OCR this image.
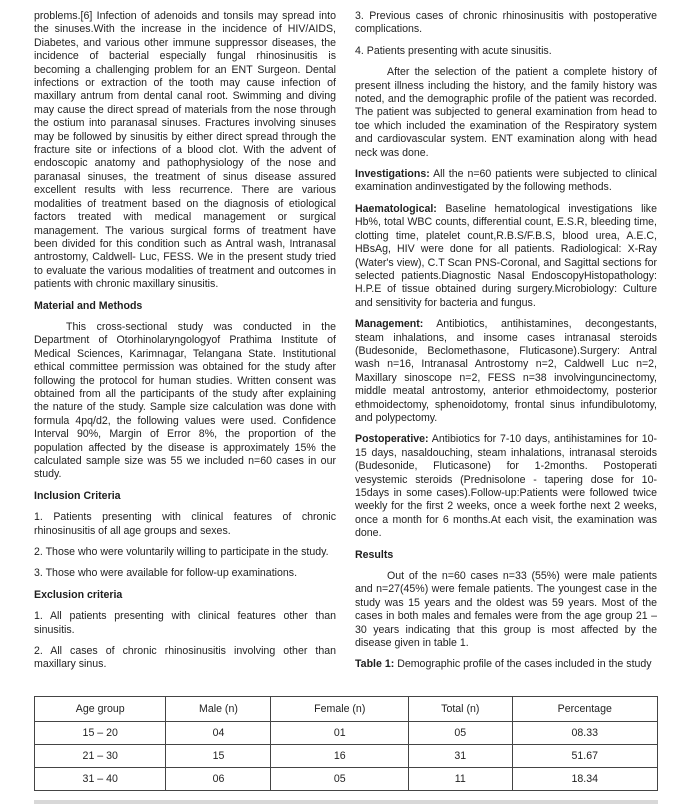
problems.[6] Infection of adenoids and tonsils may spread into the sinuses.With the increase in the incidence of HIV/AIDS, Diabetes, and various other immune suppressor diseases, the incidence of bacterial especially fungal rhinosinusitis is becoming a challenging problem for an ENT Surgeon. Dental infections or extraction of the tooth may cause infection of maxillary antrum from dental canal root. Swimming and diving may cause the direct spread of materials from the nose through the ostium into paranasal sinuses. Fractures involving sinuses may be followed by sinusitis by either direct spread through the fracture site or infections of a blood clot. With the advent of endoscopic anatomy and pathophysiology of the nose and paranasal sinuses, the treatment of sinus disease assured excellent results with less recurrence. There are various modalities of treatment based on the diagnosis of etiological factors treated with medical management or surgical management. The various surgical forms of treatment have been divided for this condition such as Antral wash, Intranasal antrostomy, Caldwell- Luc, FESS. We in the present study tried to evaluate the various modalities of treatment and outcomes in patients with chronic maxillary sinusitis.

Material and Methods

This cross-sectional study was conducted in the Department of Otorhinolaryngologyof Prathima Institute of Medical Sciences, Karimnagar, Telangana State. Institutional ethical committee permission was obtained for the study after following the protocol for human studies. Written consent was obtained from all the participants of the study after explaining the nature of the study. Sample size calculation was done with formula 4pq/d2, the following values were used. Confidence Interval 90%, Margin of Error 8%, the proportion of the population affected by the disease is approximately 15% the calculated sample size was 55 we included n=60 cases in our study.

Inclusion Criteria

1. Patients presenting with clinical features of chronic rhinosinusitis of all age groups and sexes.

2. Those who were voluntarily willing to participate in the study.

3. Those who were available for follow-up examinations.

Exclusion criteria

1. All patients presenting with clinical features other than sinusitis.

2. All cases of chronic rhinosinusitis involving other than maxillary sinus.

3. Previous cases of chronic rhinosinusitis with postoperative complications.

4. Patients presenting with acute sinusitis.

After the selection of the patient a complete history of present illness including the history, and the family history was noted, and the demographic profile of the patient was recorded. The patient was subjected to general examination from head to toe which included the examination of the Respiratory system and cardiovascular system. ENT examination along with head neck was done.

Investigations: All the n=60 patients were subjected to clinical examination andinvestigated by the following methods.

Haematological: Baseline hematological investigations like Hb%, total WBC counts, differential count, E.S.R, bleeding time, clotting time, platelet count,R.B.S/F.B.S, blood urea, A.E.C, HBsAg, HIV were done for all patients. Radiological: X-Ray (Water's view), C.T Scan PNS-Coronal, and Sagittal sections for selected patients.Diagnostic Nasal EndoscopyHistopathology: H.P.E of tissue obtained during surgery.Microbiology: Culture and sensitivity for bacteria and fungus.

Management: Antibiotics, antihistamines, decongestants, steam inhalations, and insome cases intranasal steroids (Budesonide, Beclomethasone, Fluticasone).Surgery: Antral wash n=16, Intranasal Antrostomy n=2, Caldwell Luc n=2, Maxillary sinoscope n=2, FESS n=38 involvinguncinectomy, middle meatal antrostomy, anterior ethmoidectomy, posterior ethmoidectomy, sphenoidotomy, frontal sinus infundibulotomy, and polypectomy.

Postoperative: Antibiotics for 7-10 days, antihistamines for 10-15 days, nasaldouching, steam inhalations, intranasal steroids (Budesonide, Fluticasone) for 1-2months. Postoperati vesystemic steroids (Prednisolone - tapering dose for 10-15days in some cases).Follow-up:Patients were followed twice weekly for the first 2 weeks, once a week forthe next 2 weeks, once a month for 6 months.At each visit, the examination was done.

Results

Out of the n=60 cases n=33 (55%) were male patients and n=27(45%) were female patients. The youngest case in the study was 15 years and the oldest was 59 years. Most of the cases in both males and females were from the age group 21 – 30 years indicating that this group is most affected by the disease given in table 1.

Table 1: Demographic profile of the cases included in the study

Age group	Male (n)	Female (n)	Total (n)	Percentage
15 – 20	04	01	05	08.33
21 – 30	15	16	31	51.67
31 – 40	06	05	11	18.34
